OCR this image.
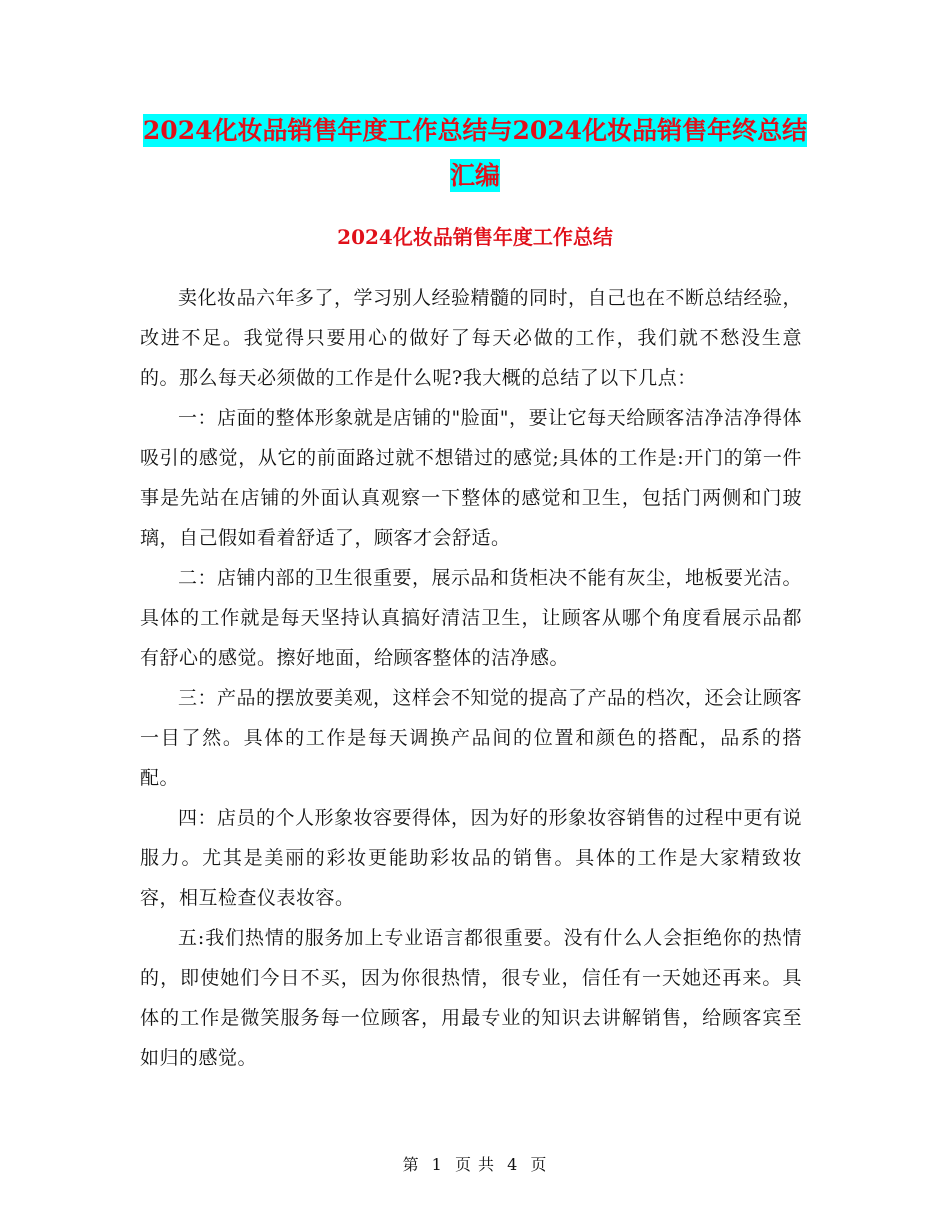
2024化妆品销售年度工作总结与2024化妆品销售年终总结汇编
2024化妆品销售年度工作总结

卖化妆品六年多了，学习别人经验精髓的同时，自己也在不断总结经验，改进不足。我觉得只要用心的做好了每天必做的工作，我们就不愁没生意的。那么每天必须做的工作是什么呢?我大概的总结了以下几点：

一：店面的整体形象就是店铺的"脸面"，要让它每天给顾客洁净洁净得体吸引的感觉，从它的前面路过就不想错过的感觉;具体的工作是:开门的第一件事是先站在店铺的外面认真观察一下整体的感觉和卫生，包括门两侧和门玻璃，自己假如看着舒适了，顾客才会舒适。

二：店铺内部的卫生很重要，展示品和货柜决不能有灰尘，地板要光洁。具体的工作就是每天坚持认真搞好清洁卫生，让顾客从哪个角度看展示品都有舒心的感觉。擦好地面，给顾客整体的洁净感。

三：产品的摆放要美观，这样会不知觉的提高了产品的档次，还会让顾客一目了然。具体的工作是每天调换产品间的位置和颜色的搭配，品系的搭配。

四：店员的个人形象妆容要得体，因为好的形象妆容销售的过程中更有说服力。尤其是美丽的彩妆更能助彩妆品的销售。具体的工作是大家精致妆容，相互检查仪表妆容。

五:我们热情的服务加上专业语言都很重要。没有什么人会拒绝你的热情的，即使她们今日不买，因为你很热情，很专业，信任有一天她还再来。具体的工作是微笑服务每一位顾客，用最专业的知识去讲解销售，给顾客宾至如归的感觉。

第 1 页 共 4 页
